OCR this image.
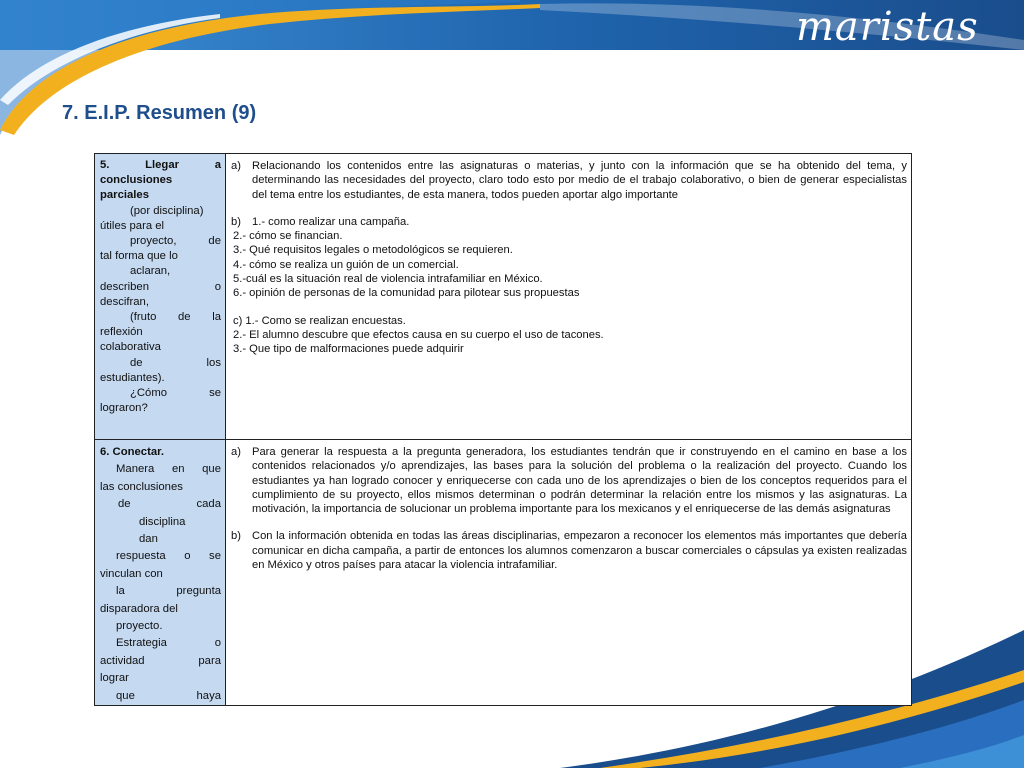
maristas
7. E.I.P. Resumen (9)
5. Llegar a
conclusiones
parciales
(por disciplina)
útiles para el
proyecto, de
tal forma que lo
aclaran,
describen o
descifran,
(fruto de la
reflexión
colaborativa
de los
estudiantes).
¿Cómo se
lograron?
a) Relacionando los contenidos entre las asignaturas o materias, y junto con la información que se ha obtenido del tema, y determinando las necesidades del proyecto, claro todo esto por medio de el trabajo colaborativo, o bien de generar especialistas del tema entre los estudiantes, de esta manera, todos pueden aportar algo importante
b) 1.- como realizar una campaña.
2.- cómo se financian.
3.- Qué requisitos legales o metodológicos se requieren.
4.- cómo se realiza un guión de un comercial.
5.-cuál es la situación real de violencia intrafamiliar en México.
6.- opinión de personas de la comunidad para pilotear sus propuestas
c) 1.- Como se realizan encuestas.
2.- El alumno descubre que efectos causa en su cuerpo el uso de tacones.
3.- Que tipo de malformaciones puede adquirir
6. Conectar.
Manera en que
las conclusiones
de cada
disciplina
dan
respuesta o se
vinculan con
la pregunta
disparadora del
proyecto.
Estrategia o
actividad para
lograr
que haya
a) Para generar la respuesta a la pregunta generadora, los estudiantes tendrán que ir construyendo en el camino en base a los contenidos relacionados y/o aprendizajes, las bases para la solución del problema o la realización del proyecto. Cuando los estudiantes ya han logrado conocer y enriquecerse con cada uno de los aprendizajes o bien de los conceptos requeridos para el cumplimiento de su proyecto, ellos mismos determinan o podrán determinar la relación entre los mismos y las asignaturas. La motivación, la importancia de solucionar un problema importante para los mexicanos y el enriquecerse de las demás asignaturas
b) Con la información obtenida en todas las áreas disciplinarias, empezaron a reconocer los elementos más importantes que debería comunicar en dicha campaña, a partir de entonces los alumnos comenzaron a buscar comerciales o cápsulas ya existen realizadas en México y otros países para atacar la violencia intrafamiliar.
